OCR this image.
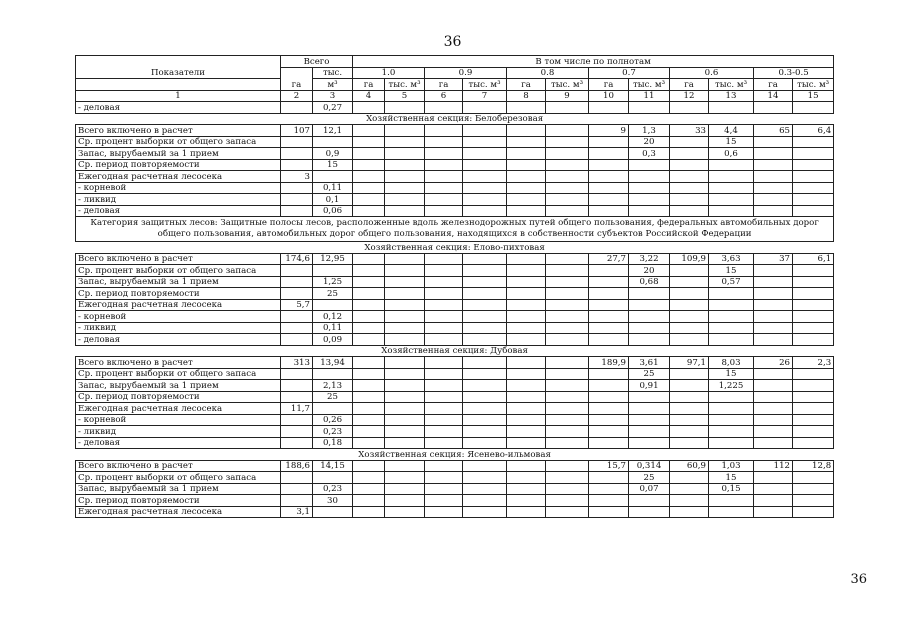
36
Показатели	Всего		В том числе по полнотам											
	га	тыс.	1.0		0.9		0.8		0.7		0.6		0.3-0.5	
		м³	га	тыс. м³	га	тыс. м³	га	тыс. м³	га	тыс. м³	га	тыс. м³	га	тыс. м³
1	2	3	4	5	6	7	8	9	10	11	12	13	14	15
- деловая		0,27												
Хозяйственная секция: Белоберезовая														
Всего включено в расчет	107	12,1							9	1,3	33	4,4	65	6,4
Ср. процент выборки от общего запаса										20		15		
Запас, вырубаемый за 1 прием		0,9								0,3		0,6		
Ср. период повторяемости		15												
Ежегодная расчетная лесосека	3													
- корневой		0,11												
- ликвид		0,1												
- деловая		0,06												
Категория защитных лесов: Защитные полосы лесов, расположенные вдоль железнодорожных путей общего пользования, федеральных автомобильных дорог общего пользования, автомобильных дорог общего пользования, находящихся в собственности субъектов Российской Федерации														
Хозяйственная секция: Елово-пихтовая														
Всего включено в расчет	174,6	12,95							27,7	3,22	109,9	3,63	37	6,1
Ср. процент выборки от общего запаса										20		15		
Запас, вырубаемый за 1 прием		1,25								0,68		0,57		
Ср. период повторяемости		25												
Ежегодная расчетная лесосека	5,7													
- корневой		0,12												
- ликвид		0,11												
- деловая		0,09												
Хозяйственная секция: Дубовая														
Всего включено в расчет	313	13,94							189,9	3,61	97,1	8,03	26	2,3
Ср. процент выборки от общего запаса										25		15		
Запас, вырубаемый за 1 прием		2,13								0,91		1,225		
Ср. период повторяемости		25												
Ежегодная расчетная лесосека	11,7													
- корневой		0,26												
- ликвид		0,23												
- деловая		0,18												
Хозяйственная секция: Ясенево-ильмовая														
Всего включено в расчет	188,6	14,15							15,7	0,314	60,9	1,03	112	12,8
Ср. процент выборки от общего запаса										25		15		
Запас, вырубаемый за 1 прием		0,23								0,07		0,15		
Ср. период повторяемости		30												
Ежегодная расчетная лесосека	3,1													
36
